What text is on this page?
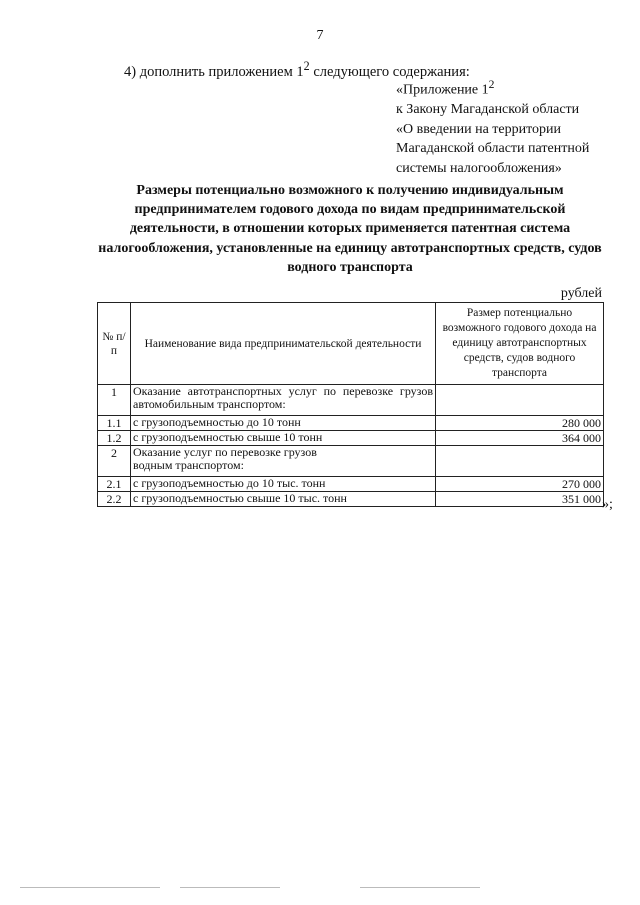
7
4) дополнить приложением $1^2$ следующего содержания:
«Приложение $1^2$
к Закону Магаданской области
«О введении на территории
Магаданской области патентной
системы налогообложения»
Размеры потенциально возможного к получению индивидуальным предпринимателем годового дохода по видам предпринимательской деятельности, в отношении которых применяется патентная система налогообложения, установленные на единицу автотранспортных средств, судов водного транспорта
рублей
№ п/п	Наименование вида предпринимательской деятельности	Размер потенциально возможного годового дохода на единицу автотранспортных средств, судов водного транспорта
1	Оказание автотранспортных услуг по перевозке грузов автомобильным транспортом:	
1.1	с грузоподъемностью до 10 тонн	280 000
1.2	с грузоподъемностью свыше 10 тонн	364 000
2	Оказание услуг по перевозке грузов водным транспортом:	
2.1	с грузоподъемностью до 10 тыс. тонн	270 000
2.2	с грузоподъемностью свыше 10 тыс. тонн	351 000 »;
